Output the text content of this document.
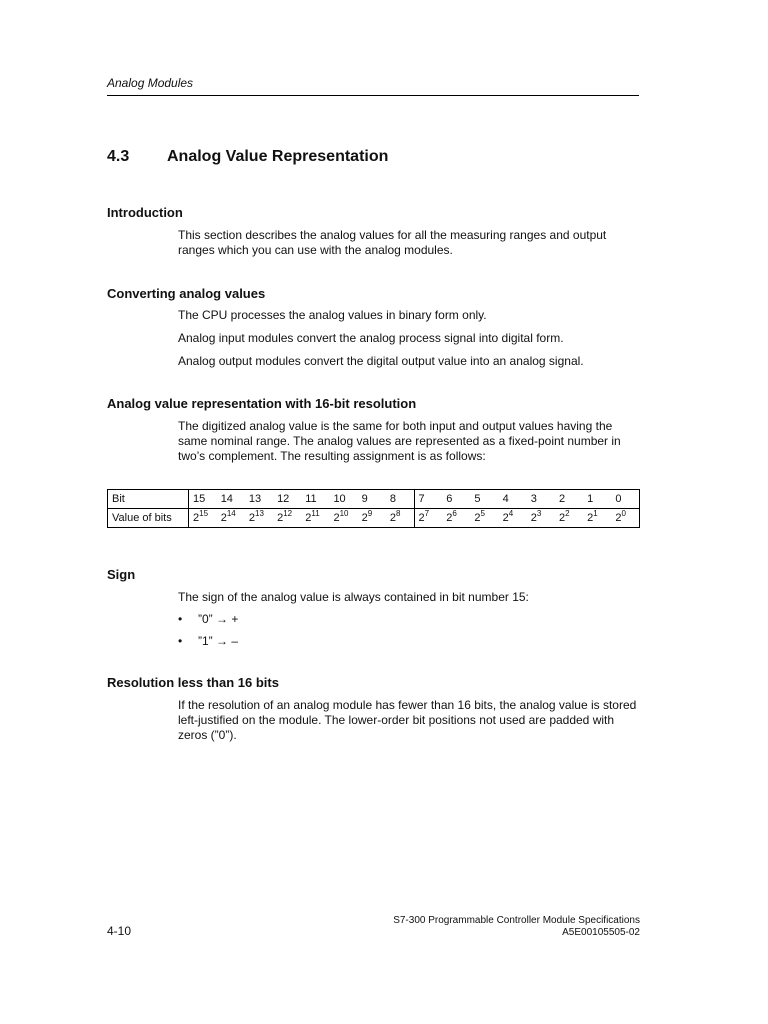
Analog Modules
4.3 Analog Value Representation
Introduction

This section describes the analog values for all the measuring ranges and output ranges which you can use with the analog modules.

Converting analog values
The CPU processes the analog values in binary form only.
Analog input modules convert the analog process signal into digital form.
Analog output modules convert the digital output value into an analog signal.
Analog value representation with 16-bit resolution

The digitized analog value is the same for both input and output values having the same nominal range. The analog values are represented as a fixed-point number in two’s complement. The resulting assignment is as follows:

Bit	15	14	13	12	11	10	9	8	7	6	5	4	3	2	1	0
Value of bits	$2^{15}$	$2^{14}$	$2^{13}$	$2^{12}$	$2^{11}$	$2^{10}$	$2^9$	$2^8$	$2^7$	$2^6$	$2^5$	$2^4$	$2^3$	$2^2$	$2^1$	$2^0$
Sign
The sign of the analog value is always contained in bit number 15:
• ”0” → +
• ”1” → –
Resolution less than 16 bits

If the resolution of an analog module has fewer than 16 bits, the analog value is stored left-justified on the module. The lower-order bit positions not used are padded with zeros (”0”).

4-10
S7-300 Programmable Controller Module Specifications
A5E00105505-02
